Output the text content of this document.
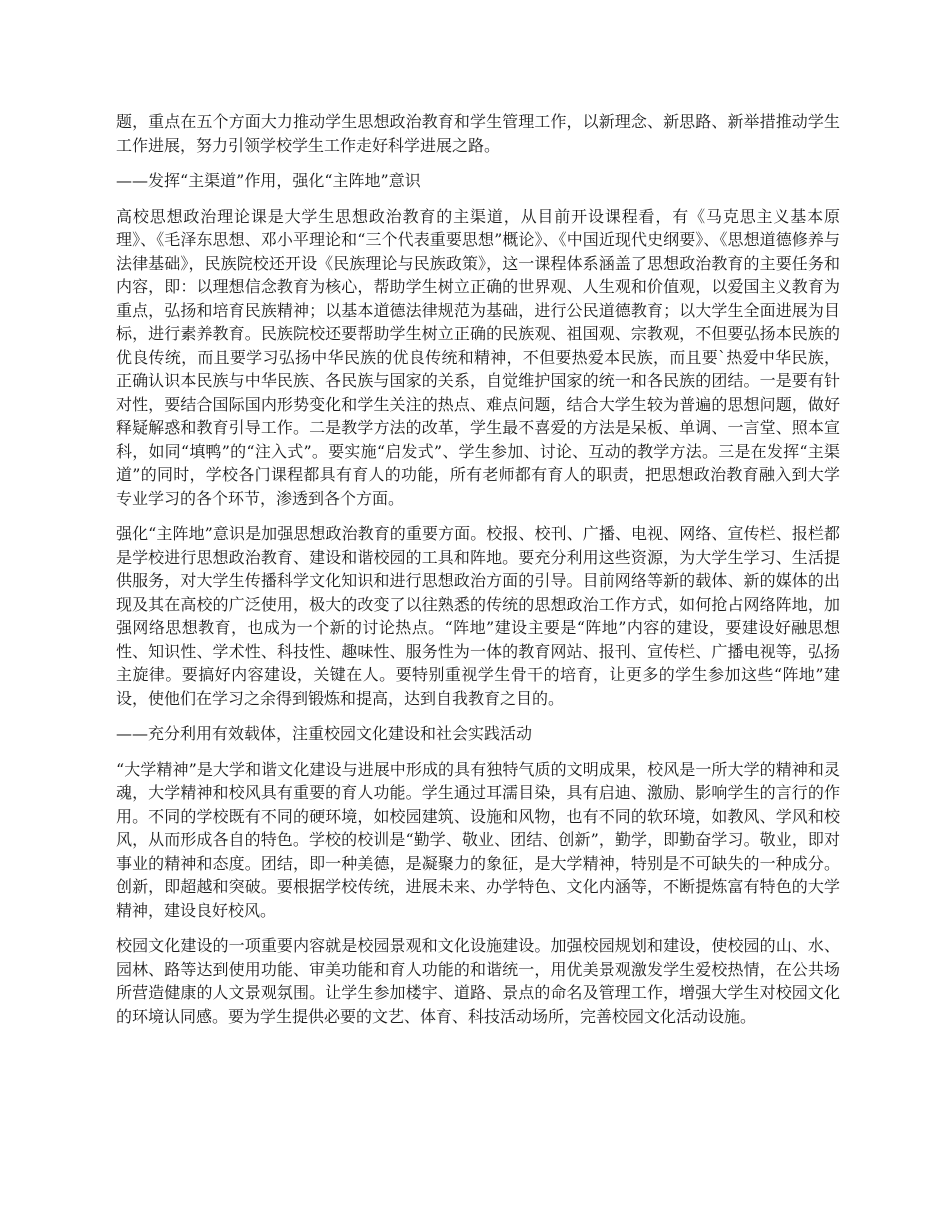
题，重点在五个方面大力推动学生思想政治教育和学生管理工作，以新理念、新思路、新举措推动学生工作进展，努力引领学校学生工作走好科学进展之路。

——发挥“主渠道”作用，强化“主阵地”意识

高校思想政治理论课是大学生思想政治教育的主渠道，从目前开设课程看，有《马克思主义基本原理》、《毛泽东思想、邓小平理论和“三个代表重要思想”概论》、《中国近现代史纲要》、《思想道德修养与法律基础》，民族院校还开设《民族理论与民族政策》，这一课程体系涵盖了思想政治教育的主要任务和内容，即：以理想信念教育为核心，帮助学生树立正确的世界观、人生观和价值观，以爱国主义教育为重点，弘扬和培育民族精神；以基本道德法律规范为基础，进行公民道德教育；以大学生全面进展为目标，进行素养教育。民族院校还要帮助学生树立正确的民族观、祖国观、宗教观，不但要弘扬本民族的优良传统，而且要学习弘扬中华民族的优良传统和精神，不但要热爱本民族，而且要`热爱中华民族，正确认识本民族与中华民族、各民族与国家的关系，自觉维护国家的统一和各民族的团结。一是要有针对性，要结合国际国内形势变化和学生关注的热点、难点问题，结合大学生较为普遍的思想问题，做好释疑解惑和教育引导工作。二是教学方法的改革，学生最不喜爱的方法是呆板、单调、一言堂、照本宣科，如同“填鸭”的“注入式”。要实施“启发式”、学生参加、讨论、互动的教学方法。三是在发挥“主渠道”的同时，学校各门课程都具有育人的功能，所有老师都有育人的职责，把思想政治教育融入到大学专业学习的各个环节，渗透到各个方面。

强化“主阵地”意识是加强思想政治教育的重要方面。校报、校刊、广播、电视、网络、宣传栏、报栏都是学校进行思想政治教育、建设和谐校园的工具和阵地。要充分利用这些资源，为大学生学习、生活提供服务，对大学生传播科学文化知识和进行思想政治方面的引导。目前网络等新的载体、新的媒体的出现及其在高校的广泛使用，极大的改变了以往熟悉的传统的思想政治工作方式，如何抢占网络阵地，加强网络思想教育，也成为一个新的讨论热点。“阵地”建设主要是“阵地”内容的建设，要建设好融思想性、知识性、学术性、科技性、趣味性、服务性为一体的教育网站、报刊、宣传栏、广播电视等，弘扬主旋律。要搞好内容建设，关键在人。要特别重视学生骨干的培育，让更多的学生参加这些“阵地”建设，使他们在学习之余得到锻炼和提高，达到自我教育之目的。

——充分利用有效载体，注重校园文化建设和社会实践活动

“大学精神”是大学和谐文化建设与进展中形成的具有独特气质的文明成果，校风是一所大学的精神和灵魂，大学精神和校风具有重要的育人功能。学生通过耳濡目染，具有启迪、激励、影响学生的言行的作用。不同的学校既有不同的硬环境，如校园建筑、设施和风物，也有不同的软环境，如教风、学风和校风，从而形成各自的特色。学校的校训是“勤学、敬业、团结、创新”，勤学，即勤奋学习。敬业，即对事业的精神和态度。团结，即一种美德，是凝聚力的象征，是大学精神，特别是不可缺失的一种成分。创新，即超越和突破。要根据学校传统，进展未来、办学特色、文化内涵等，不断提炼富有特色的大学精神，建设良好校风。

校园文化建设的一项重要内容就是校园景观和文化设施建设。加强校园规划和建设，使校园的山、水、园林、路等达到使用功能、审美功能和育人功能的和谐统一，用优美景观激发学生爱校热情，在公共场所营造健康的人文景观氛围。让学生参加楼宇、道路、景点的命名及管理工作，增强大学生对校园文化的环境认同感。要为学生提供必要的文艺、体育、科技活动场所，完善校园文化活动设施。
